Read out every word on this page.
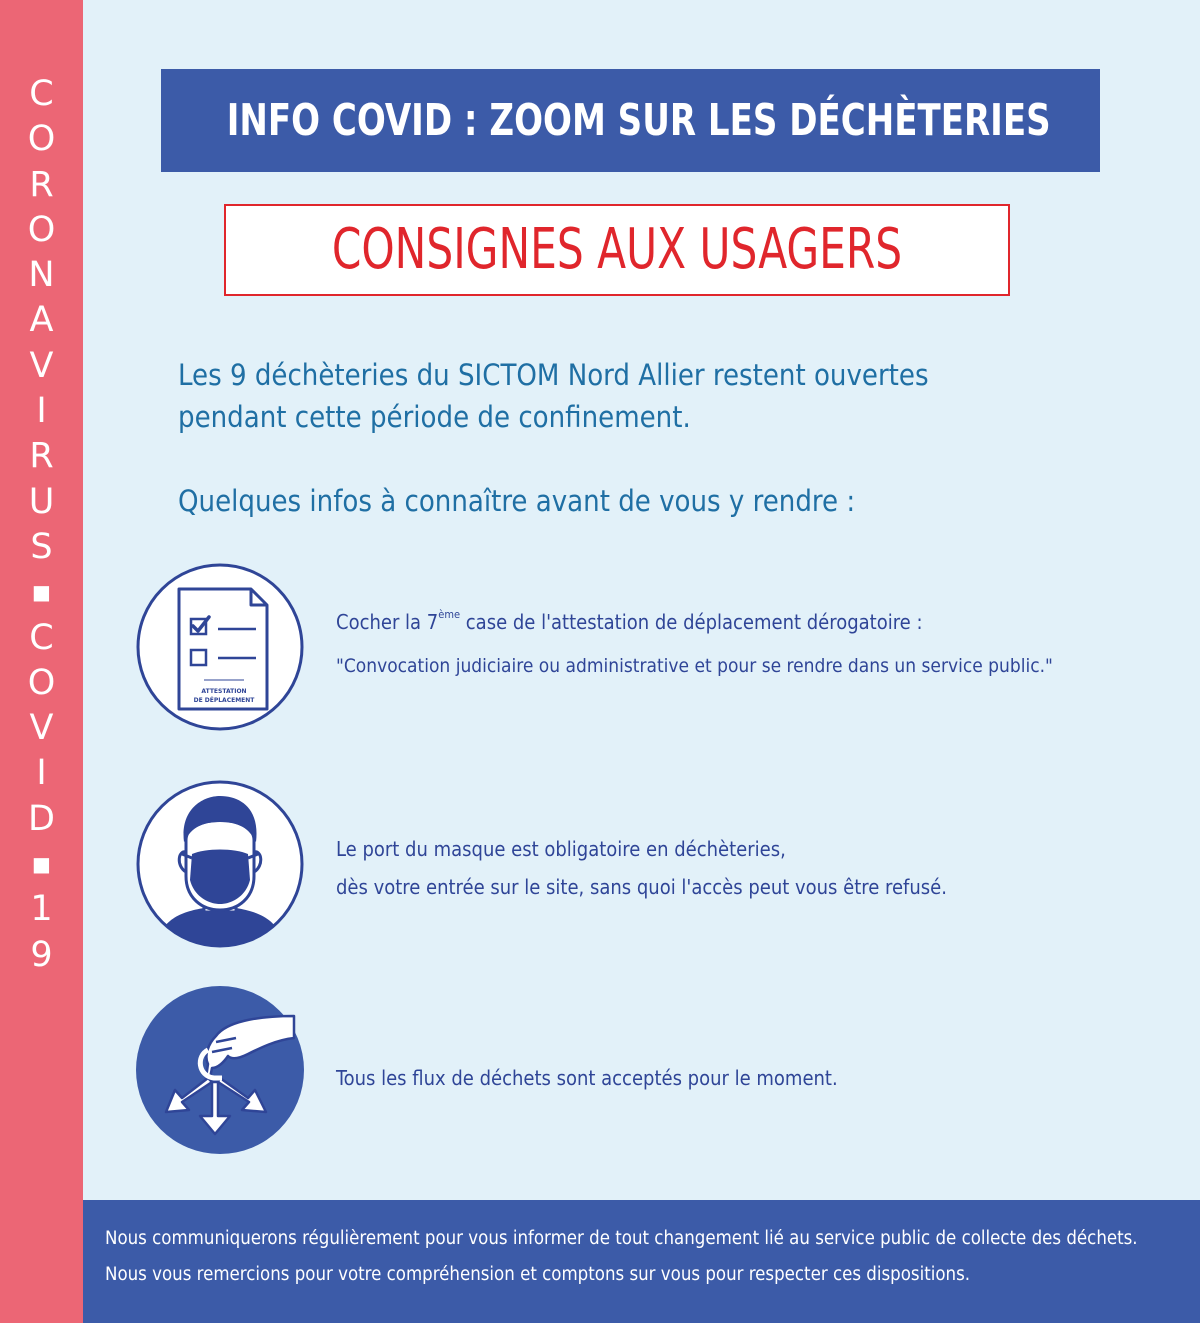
C
O
R
O
N
A
V
I
R
U
S
■
C
O
V
I
D
■
1
9
INFO COVID : ZOOM SUR LES DÉCHÈTERIES
CONSIGNES AUX USAGERS
Les 9 déchèteries du SICTOM Nord Allier restent ouvertes
pendant cette période de confinement.
Quelques infos à connaître avant de vous y rendre :
ATTESTATION
DE DÉPLACEMENT
Cocher la 7ème case de l'attestation de déplacement dérogatoire :
"Convocation judiciaire ou administrative et pour se rendre dans un service public."
Le port du masque est obligatoire en déchèteries,
dès votre entrée sur le site, sans quoi l'accès peut vous être refusé.
Tous les flux de déchets sont acceptés pour le moment.
Nous communiquerons régulièrement pour vous informer de tout changement lié au service public de collecte des déchets.
Nous vous remercions pour votre compréhension et comptons sur vous pour respecter ces dispositions.
